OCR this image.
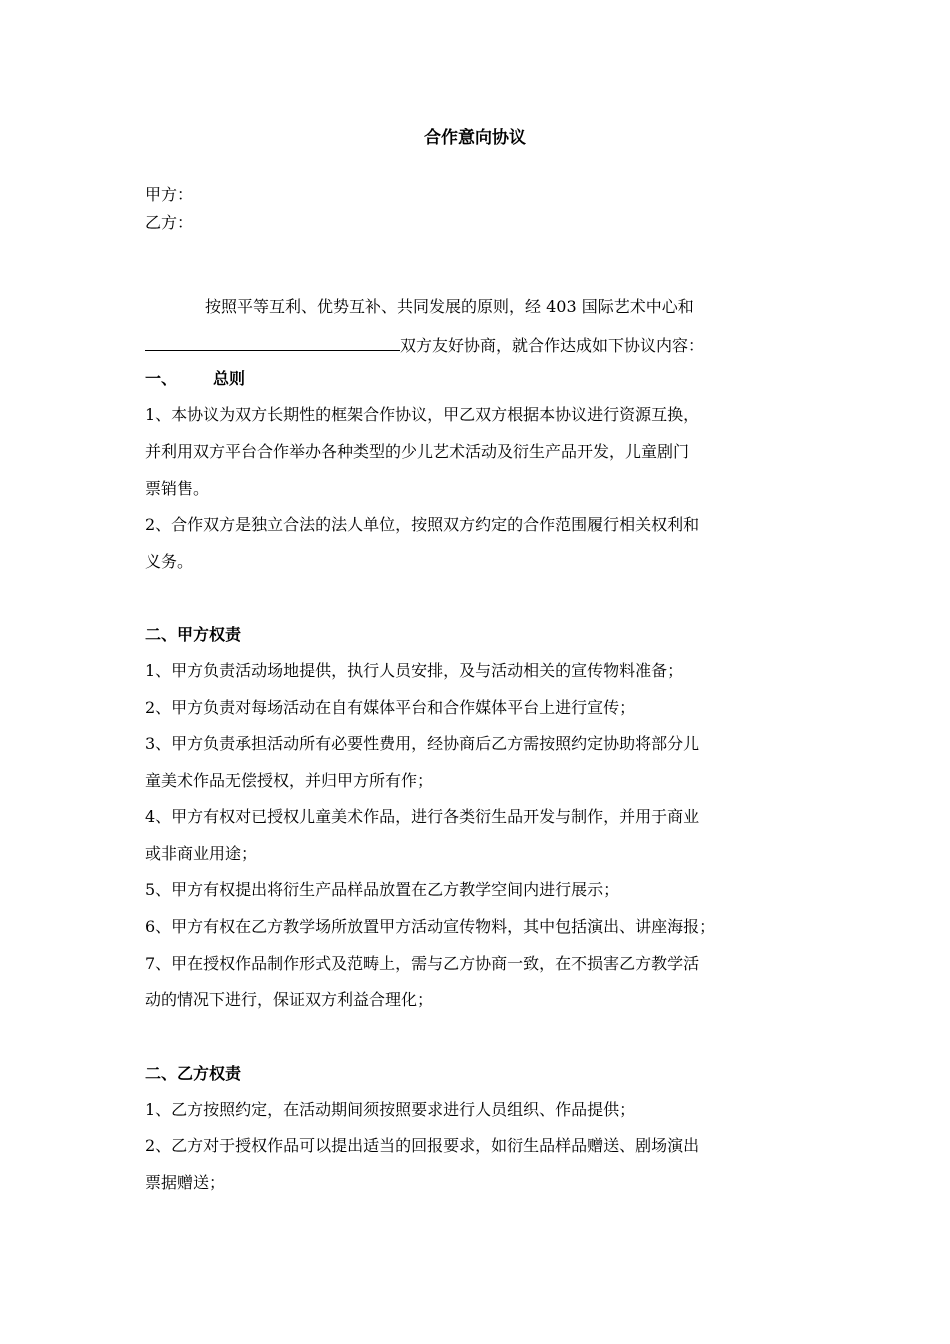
合作意向协议
甲方：
乙方：
按照平等互利、优势互补、共同发展的原则，经 403 国际艺术中心和
双方友好协商，就合作达成如下协议内容：
一、 总则
1、本协议为双方长期性的框架合作协议，甲乙双方根据本协议进行资源互换，
并利用双方平台合作举办各种类型的少儿艺术活动及衍生产品开发，儿童剧门
票销售。
2、合作双方是独立合法的法人单位，按照双方约定的合作范围履行相关权利和
义务。
二、甲方权责
1、甲方负责活动场地提供，执行人员安排，及与活动相关的宣传物料准备；
2、甲方负责对每场活动在自有媒体平台和合作媒体平台上进行宣传；
3、甲方负责承担活动所有必要性费用，经协商后乙方需按照约定协助将部分儿
童美术作品无偿授权，并归甲方所有作；
4、甲方有权对已授权儿童美术作品，进行各类衍生品开发与制作，并用于商业
或非商业用途；
5、甲方有权提出将衍生产品样品放置在乙方教学空间内进行展示；
6、甲方有权在乙方教学场所放置甲方活动宣传物料，其中包括演出、讲座海报；
7、甲在授权作品制作形式及范畴上，需与乙方协商一致，在不损害乙方教学活
动的情况下进行，保证双方利益合理化；
二、乙方权责
1、乙方按照约定，在活动期间须按照要求进行人员组织、作品提供；
2、乙方对于授权作品可以提出适当的回报要求，如衍生品样品赠送、剧场演出
票据赠送；
